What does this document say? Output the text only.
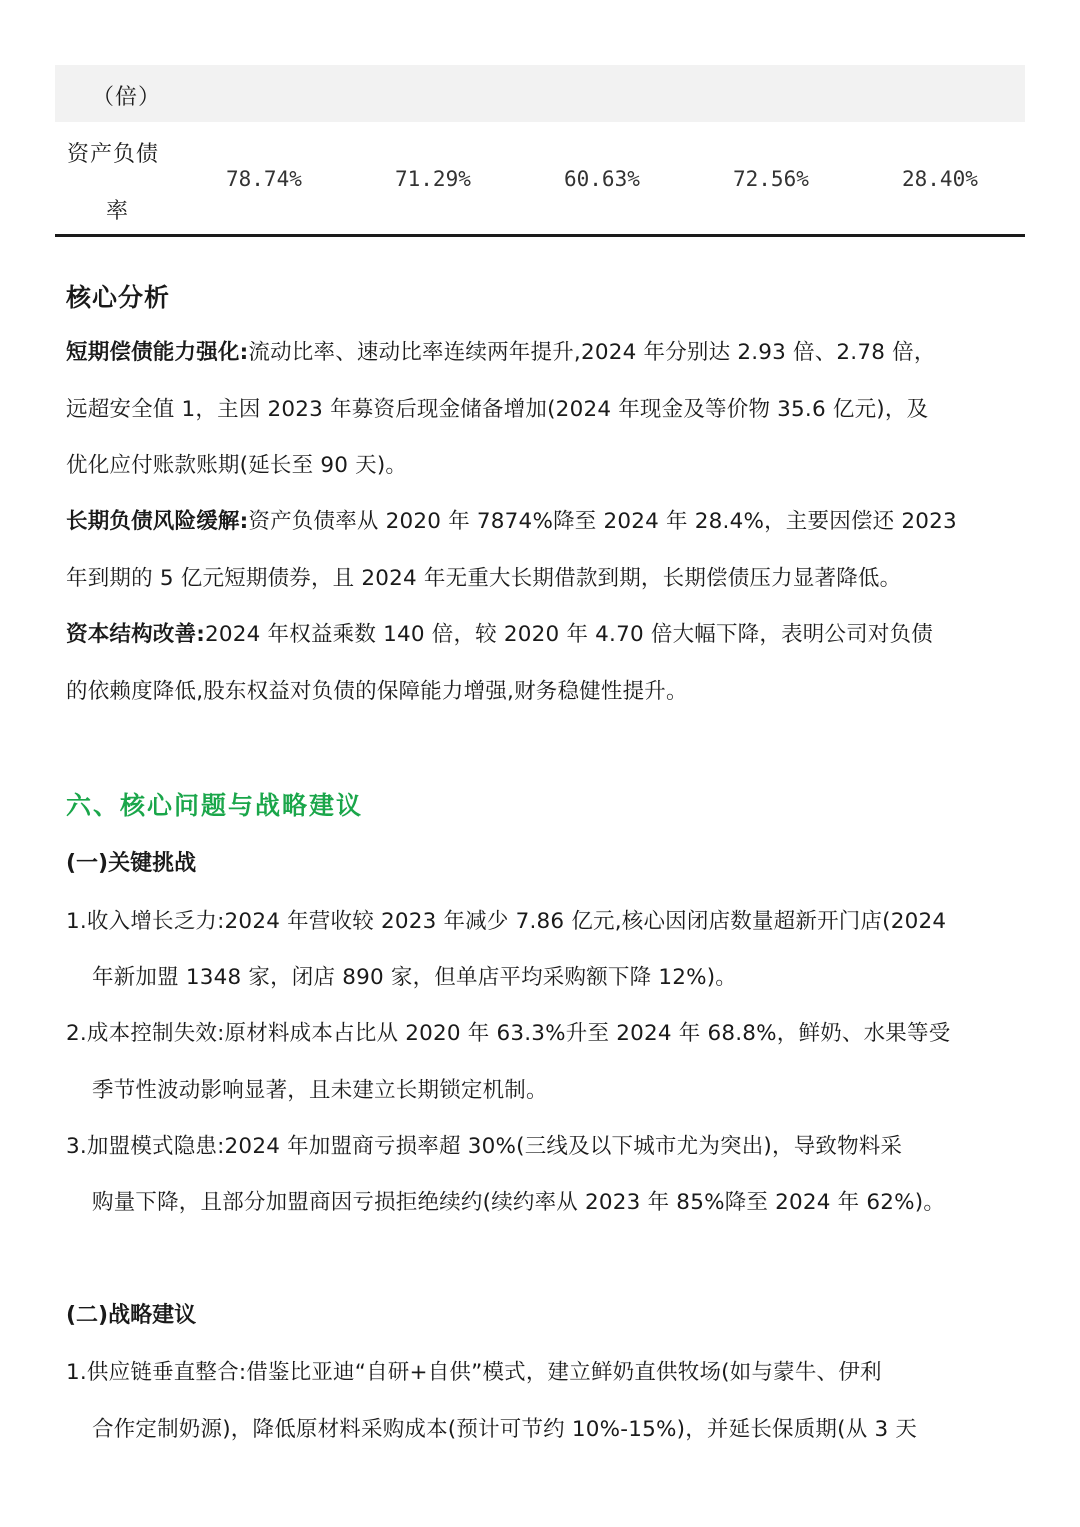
（倍）
资产负债
率
78.74%	71.29%	60.63%	72.56%	28.40%
核心分析
短期偿债能力强化:流动比率、速动比率连续两年提升,2024 年分别达 2.93 倍、2.78 倍，
远超安全值 1，主因 2023 年募资后现金储备增加(2024 年现金及等价物 35.6 亿元)，及
优化应付账款账期(延长至 90 天)。
长期负债风险缓解:资产负债率从 2020 年 7874%降至 2024 年 28.4%，主要因偿还 2023
年到期的 5 亿元短期债券，且 2024 年无重大长期借款到期，长期偿债压力显著降低。
资本结构改善:2024 年权益乘数 140 倍，较 2020 年 4.70 倍大幅下降，表明公司对负债
的依赖度降低,股东权益对负债的保障能力增强,财务稳健性提升。
六、核心问题与战略建议
(一)关键挑战
1.收入增长乏力:2024 年营收较 2023 年减少 7.86 亿元,核心因闭店数量超新开门店(2024
年新加盟 1348 家，闭店 890 家，但单店平均采购额下降 12%)。
2.成本控制失效:原材料成本占比从 2020 年 63.3%升至 2024 年 68.8%，鲜奶、水果等受
季节性波动影响显著，且未建立长期锁定机制。
3.加盟模式隐患:2024 年加盟商亏损率超 30%(三线及以下城市尤为突出)，导致物料采
购量下降，且部分加盟商因亏损拒绝续约(续约率从 2023 年 85%降至 2024 年 62%)。
(二)战略建议
1.供应链垂直整合:借鉴比亚迪“自研+自供”模式，建立鲜奶直供牧场(如与蒙牛、伊利
合作定制奶源)，降低原材料采购成本(预计可节约 10%-15%)，并延长保质期(从 3 天
